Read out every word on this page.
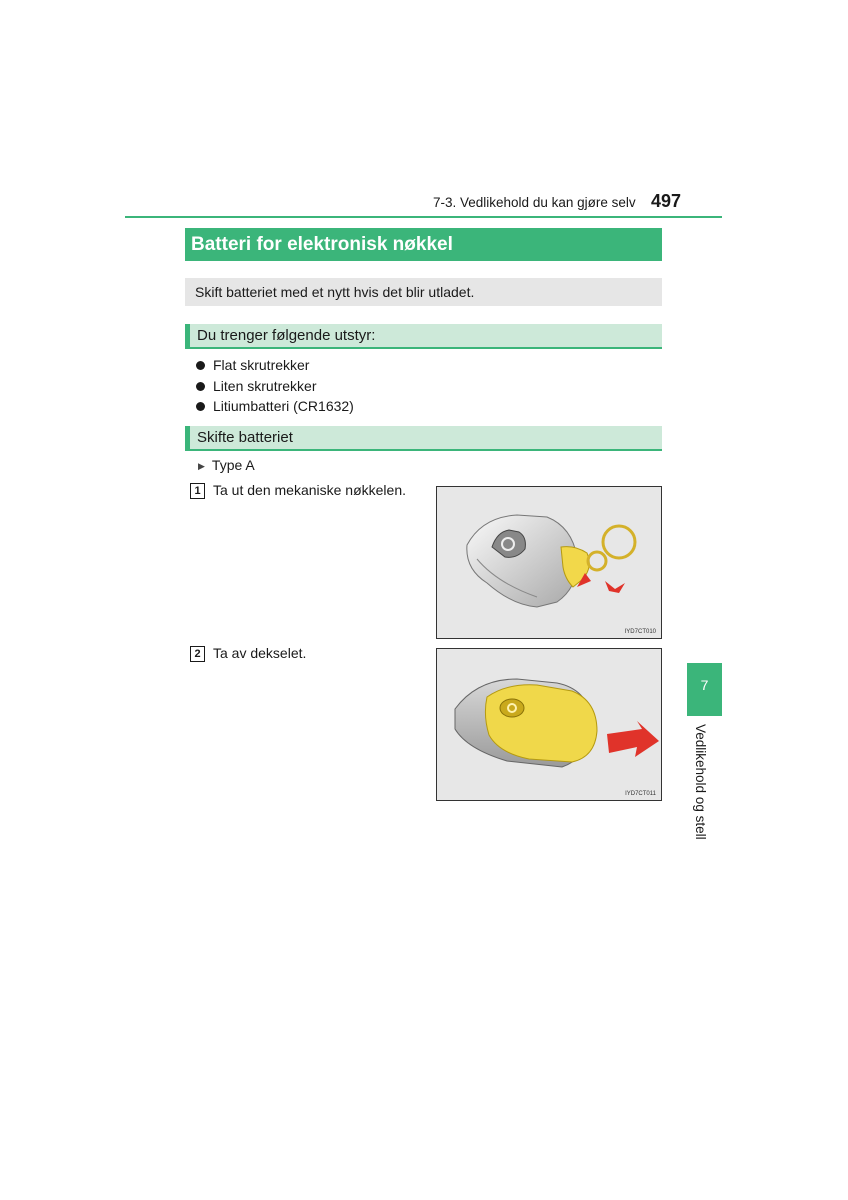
7-3. Vedlikehold du kan gjøre selv 497
Batteri for elektronisk nøkkel
Skift batteriet med et nytt hvis det blir utladet.
Du trenger følgende utstyr:
Flat skrutrekker
Liten skrutrekker
Litiumbatteri (CR1632)
Skifte batteriet
▶ Type A
1 Ta ut den mekaniske nøkkelen.
IYD7CT010
2 Ta av dekselet.
IYD7CT011
7
Vedlikehold og stell
